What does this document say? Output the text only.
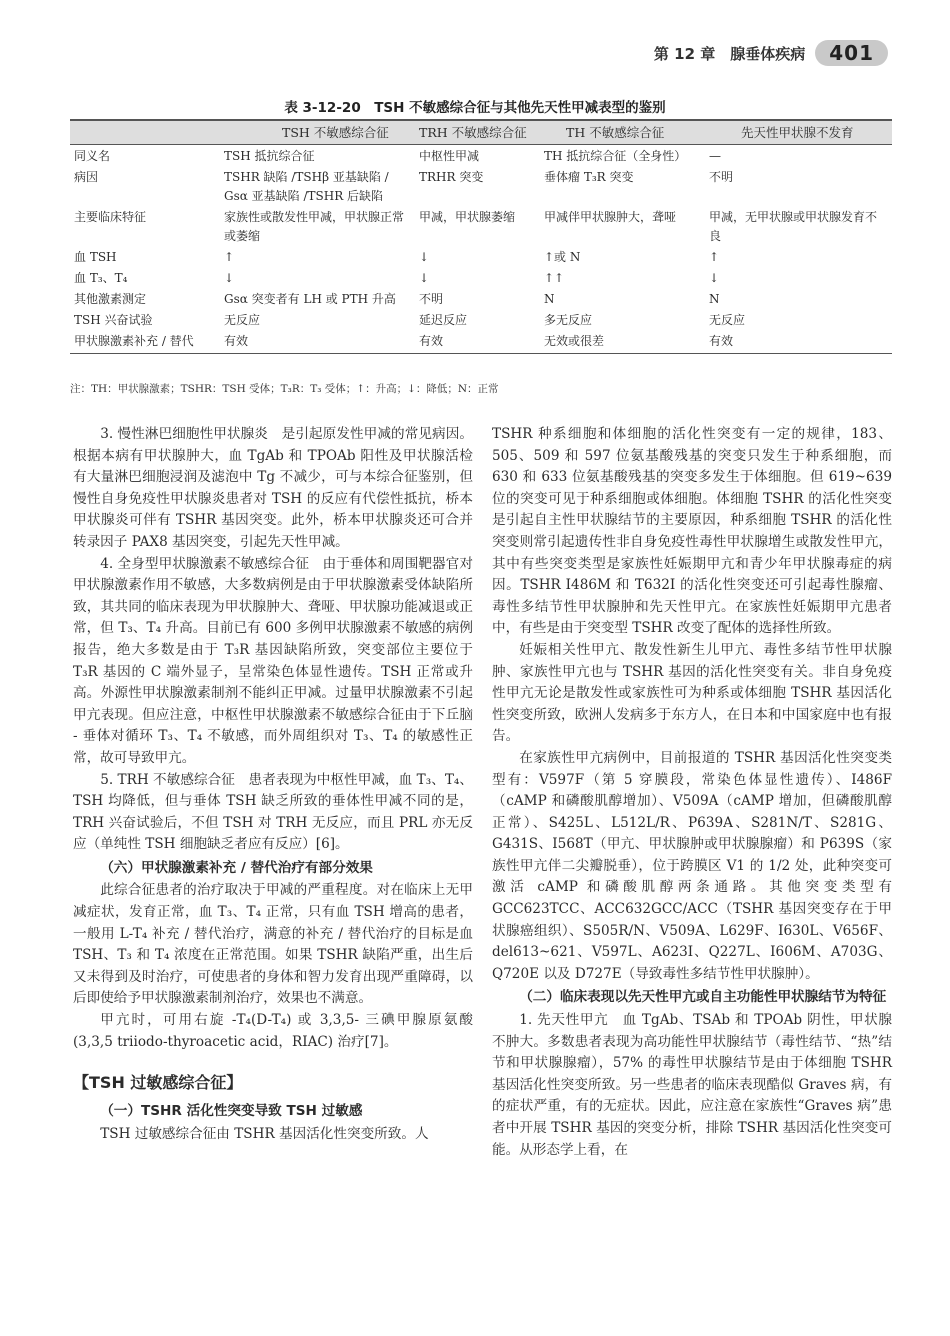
第 12 章　腺垂体疾病	401
表 3-12-20　TSH 不敏感综合征与其他先天性甲减表型的鉴别
	TSH 不敏感综合征	TRH 不敏感综合征	TH 不敏感综合征	先天性甲状腺不发育
同义名	TSH 抵抗综合征	中枢性甲减	TH 抵抗综合征（全身性）	—
病因	TSHR 缺陷 /TSHβ 亚基缺陷 / Gsα 亚基缺陷 /TSHR 后缺陷	TRHR 突变	垂体瘤 T₃R 突变	不明
主要临床特征	家族性或散发性甲减，甲状腺正常或萎缩	甲减，甲状腺萎缩	甲减伴甲状腺肿大，聋哑	甲减，无甲状腺或甲状腺发育不良
血 TSH	↑	↓	↑或 N	↑
血 T₃、T₄	↓	↓	↑↑	↓
其他激素测定	Gsα 突变者有 LH 或 PTH 升高	不明	N	N
TSH 兴奋试验	无反应	延迟反应	多无反应	无反应
甲状腺激素补充 / 替代	有效	有效	无效或很差	有效
注：TH：甲状腺激素；TSHR：TSH 受体；T₃R：T₃ 受体；↑：升高；↓：降低；N：正常

3. 慢性淋巴细胞性甲状腺炎　是引起原发性甲减的常见病因。根据本病有甲状腺肿大，血 TgAb 和 TPOAb 阳性及甲状腺活检有大量淋巴细胞浸润及滤泡中 Tg 不减少，可与本综合征鉴别，但慢性自身免疫性甲状腺炎患者对 TSH 的反应有代偿性抵抗，桥本甲状腺炎可伴有 TSHR 基因突变。此外，桥本甲状腺炎还可合并转录因子 PAX8 基因突变，引起先天性甲减。

4. 全身型甲状腺激素不敏感综合征　由于垂体和周围靶器官对甲状腺激素作用不敏感，大多数病例是由于甲状腺激素受体缺陷所致，其共同的临床表现为甲状腺肿大、聋哑、甲状腺功能减退或正常，但 T₃、T₄ 升高。目前已有 600 多例甲状腺激素不敏感的病例报告，绝大多数是由于 T₃R 基因缺陷所致，突变部位主要位于 T₃R 基因的 C 端外显子，呈常染色体显性遗传。TSH 正常或升高。外源性甲状腺激素制剂不能纠正甲减。过量甲状腺激素不引起甲亢表现。但应注意，中枢性甲状腺激素不敏感综合征由于下丘脑 - 垂体对循环 T₃、T₄ 不敏感，而外周组织对 T₃、T₄ 的敏感性正常，故可导致甲亢。

5. TRH 不敏感综合征　患者表现为中枢性甲减，血 T₃、T₄、TSH 均降低，但与垂体 TSH 缺乏所致的垂体性甲减不同的是，TRH 兴奋试验后，不但 TSH 对 TRH 无反应，而且 PRL 亦无反应（单纯性 TSH 细胞缺乏者应有反应）[6]。

（六）甲状腺激素补充 / 替代治疗有部分效果

此综合征患者的治疗取决于甲减的严重程度。对在临床上无甲减症状，发育正常，血 T₃、T₄ 正常，只有血 TSH 增高的患者，一般用 L-T₄ 补充 / 替代治疗，满意的补充 / 替代治疗的目标是血 TSH、T₃ 和 T₄ 浓度在正常范围。如果 TSHR 缺陷严重，出生后又未得到及时治疗，可使患者的身体和智力发育出现严重障碍，以后即使给予甲状腺激素制剂治疗，效果也不满意。

甲亢时，可用右旋 -T₄(D-T₄) 或 3,3,5- 三碘甲腺原氨酸 (3,3,5 triiodo-thyroacetic acid，RIAC) 治疗[7]。

【TSH 过敏感综合征】
（一）TSHR 活化性突变导致 TSH 过敏感

TSH 过敏感综合征由 TSHR 基因活化性突变所致。人

TSHR 种系细胞和体细胞的活化性突变有一定的规律，183、505、509 和 597 位氨基酸残基的突变只发生于种系细胞，而 630 和 633 位氨基酸残基的突变多发生于体细胞。但 619~639 位的突变可见于种系细胞或体细胞。体细胞 TSHR 的活化性突变是引起自主性甲状腺结节的主要原因，种系细胞 TSHR 的活化性突变则常引起遗传性非自身免疫性毒性甲状腺增生或散发性甲亢，其中有些突变类型是家族性妊娠期甲亢和青少年甲状腺毒症的病因。TSHR I486M 和 T632I 的活化性突变还可引起毒性腺瘤、毒性多结节性甲状腺肿和先天性甲亢。在家族性妊娠期甲亢患者中，有些是由于突变型 TSHR 改变了配体的选择性所致。

妊娠相关性甲亢、散发性新生儿甲亢、毒性多结节性甲状腺肿、家族性甲亢也与 TSHR 基因的活化性突变有关。非自身免疫性甲亢无论是散发性或家族性可为种系或体细胞 TSHR 基因活化性突变所致，欧洲人发病多于东方人，在日本和中国家庭中也有报告。

在家族性甲亢病例中，目前报道的 TSHR 基因活化性突变类型有：V597F（第 5 穿膜段，常染色体显性遗传）、I486F（cAMP 和磷酸肌醇增加）、V509A（cAMP 增加，但磷酸肌醇正常）、S425L、L512L/R、P639A、S281N/T、S281G、G431S、I568T（甲亢、甲状腺肿或甲状腺腺瘤）和 P639S（家族性甲亢伴二尖瓣脱垂），位于跨膜区 V1 的 1/2 处，此种突变可激活 cAMP 和磷酸肌醇两条通路。其他突变类型有 GCC623TCC、ACC632GCC/ACC（TSHR 基因突变存在于甲状腺癌组织）、S505R/N、V509A、L629F、I630L、V656F、del613~621、V597L、A623I、Q227L、I606M、A703G、Q720E 以及 D727E（导致毒性多结节性甲状腺肿）。

（二）临床表现以先天性甲亢或自主功能性甲状腺结节为特征

1. 先天性甲亢　血 TgAb、TSAb 和 TPOAb 阴性，甲状腺不肿大。多数患者表现为高功能性甲状腺结节（毒性结节、“热”结节和甲状腺腺瘤），57% 的毒性甲状腺结节是由于体细胞 TSHR 基因活化性突变所致。另一些患者的临床表现酷似 Graves 病，有的症状严重，有的无症状。因此，应注意在家族性“Graves 病”患者中开展 TSHR 基因的突变分析，排除 TSHR 基因活化性突变可能。从形态学上看，在
